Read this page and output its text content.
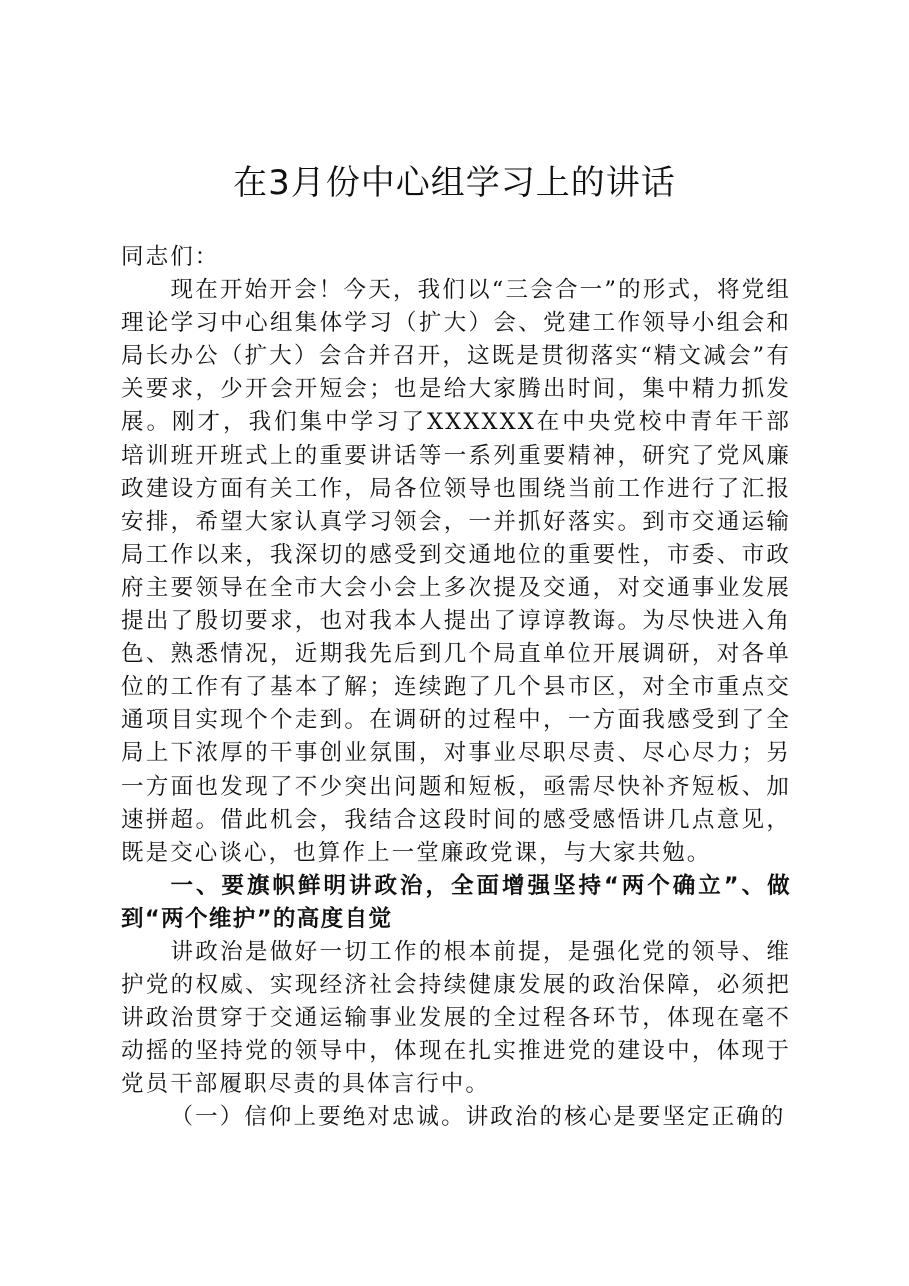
在3月份中心组学习上的讲话

同志们：

现在开始开会！今天，我们以“三会合一”的形式，将党组理论学习中心组集体学习（扩大）会、党建工作领导小组会和局长办公（扩大）会合并召开，这既是贯彻落实“精文减会”有关要求，少开会开短会；也是给大家腾出时间，集中精力抓发展。刚才，我们集中学习了XXXXXX在中央党校中青年干部培训班开班式上的重要讲话等一系列重要精神，研究了党风廉政建设方面有关工作，局各位领导也围绕当前工作进行了汇报安排，希望大家认真学习领会，一并抓好落实。到市交通运输局工作以来，我深切的感受到交通地位的重要性，市委、市政府主要领导在全市大会小会上多次提及交通，对交通事业发展提出了殷切要求，也对我本人提出了谆谆教诲。为尽快进入角色、熟悉情况，近期我先后到几个局直单位开展调研，对各单位的工作有了基本了解；连续跑了几个县市区，对全市重点交通项目实现个个走到。在调研的过程中，一方面我感受到了全局上下浓厚的干事创业氛围，对事业尽职尽责、尽心尽力；另一方面也发现了不少突出问题和短板，亟需尽快补齐短板、加速拼超。借此机会，我结合这段时间的感受感悟讲几点意见，既是交心谈心，也算作上一堂廉政党课，与大家共勉。

一、要旗帜鲜明讲政治，全面增强坚持“两个确立”、做到“两个维护”的高度自觉

讲政治是做好一切工作的根本前提，是强化党的领导、维护党的权威、实现经济社会持续健康发展的政治保障，必须把讲政治贯穿于交通运输事业发展的全过程各环节，体现在毫不动摇的坚持党的领导中，体现在扎实推进党的建设中，体现于党员干部履职尽责的具体言行中。

（一）信仰上要绝对忠诚。讲政治的核心是要坚定正确的
